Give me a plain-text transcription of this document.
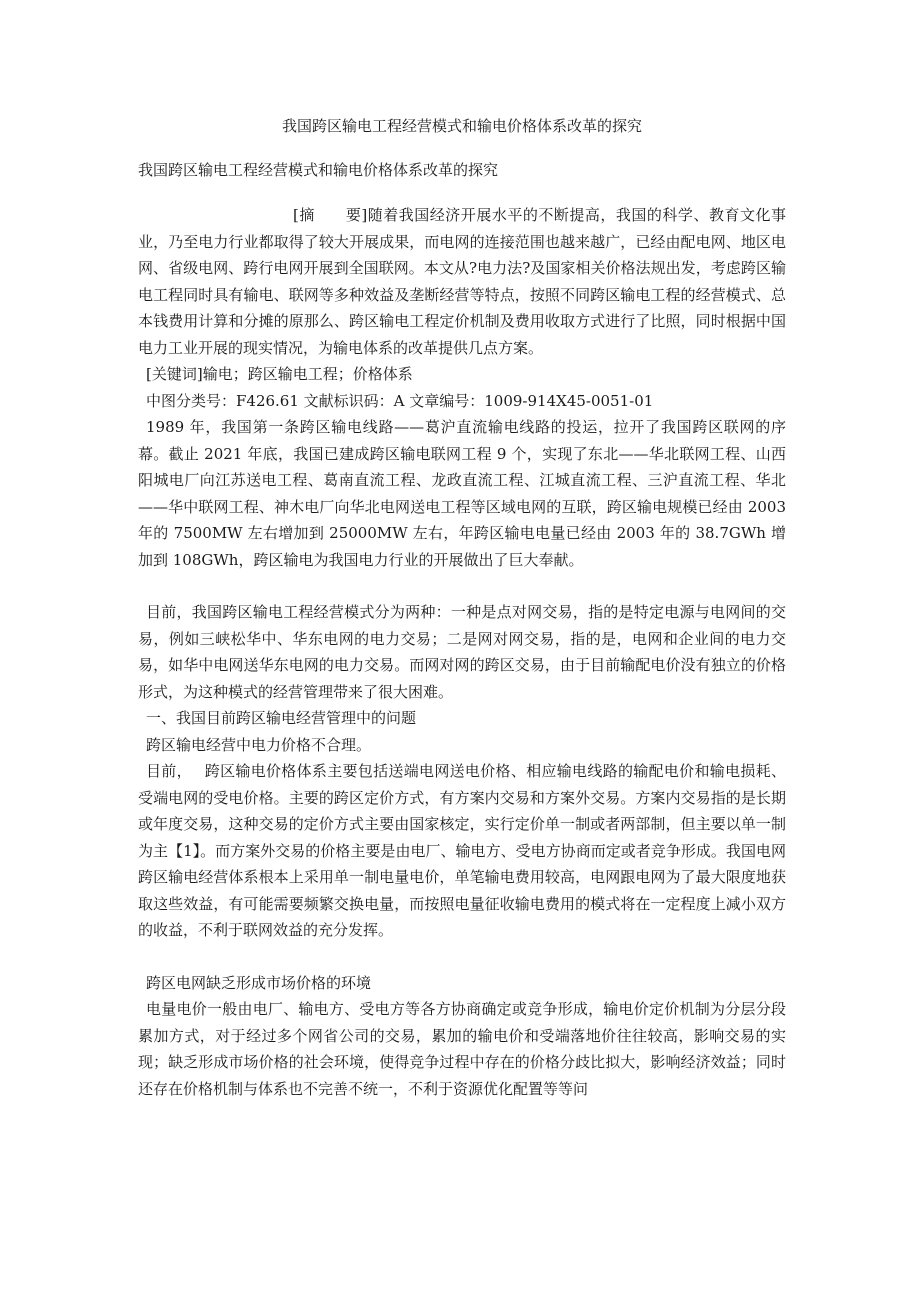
我国跨区输电工程经营模式和输电价格体系改革的探究
我国跨区输电工程经营模式和输电价格体系改革的探究

[摘　　要]随着我国经济开展水平的不断提高，我国的科学、教育文化事业，乃至电力行业都取得了较大开展成果，而电网的连接范围也越来越广，已经由配电网、地区电网、省级电网、跨行电网开展到全国联网。本文从?电力法?及国家相关价格法规出发，考虑跨区输电工程同时具有输电、联网等多种效益及垄断经营等特点，按照不同跨区输电工程的经营模式、总本钱费用计算和分摊的原那么、跨区输电工程定价机制及费用收取方式进行了比照，同时根据中国电力工业开展的现实情况，为输电体系的改革提供几点方案。

[关键词]输电；跨区输电工程；价格体系

中图分类号：F426.61 文献标识码：A 文章编号：1009-914X45-0051-01

1989 年，我国第一条跨区输电线路——葛沪直流输电线路的投运，拉开了我国跨区联网的序幕。截止 2021 年底，我国已建成跨区输电联网工程 9 个，实现了东北——华北联网工程、山西阳城电厂向江苏送电工程、葛南直流工程、龙政直流工程、江城直流工程、三沪直流工程、华北——华中联网工程、神木电厂向华北电网送电工程等区域电网的互联，跨区输电规模已经由 2003 年的 7500MW 左右增加到 25000MW 左右，年跨区输电电量已经由 2003 年的 38.7GWh 增加到 108GWh，跨区输电为我国电力行业的开展做出了巨大奉献。

目前，我国跨区输电工程经营模式分为两种：一种是点对网交易，指的是特定电源与电网间的交易，例如三峡松华中、华东电网的电力交易；二是网对网交易，指的是，电网和企业间的电力交易，如华中电网送华东电网的电力交易。而网对网的跨区交易，由于目前输配电价没有独立的价格形式，为这种模式的经营管理带来了很大困难。

一、我国目前跨区输电经营管理中的问题

跨区输电经营中电力价格不合理。

目前，　 跨区输电价格体系主要包括送端电网送电价格、相应输电线路的输配电价和输电损耗、受端电网的受电价格。主要的跨区定价方式，有方案内交易和方案外交易。方案内交易指的是长期或年度交易，这种交易的定价方式主要由国家核定，实行定价单一制或者两部制，但主要以单一制为主【1】。而方案外交易的价格主要是由电厂、输电方、受电方协商而定或者竞争形成。我国电网跨区输电经营体系根本上采用单一制电量电价，单笔输电费用较高，电网跟电网为了最大限度地获取这些效益，有可能需要频繁交换电量，而按照电量征收输电费用的模式将在一定程度上减小双方的收益，不利于联网效益的充分发挥。

跨区电网缺乏形成市场价格的环境

电量电价一般由电厂、输电方、受电方等各方协商确定或竞争形成，输电价定价机制为分层分段累加方式，对于经过多个网省公司的交易，累加的输电价和受端落地价往往较高，影响交易的实现；缺乏形成市场价格的社会环境，使得竞争过程中存在的价格分歧比拟大，影响经济效益；同时还存在价格机制与体系也不完善不统一，不利于资源优化配置等等问
